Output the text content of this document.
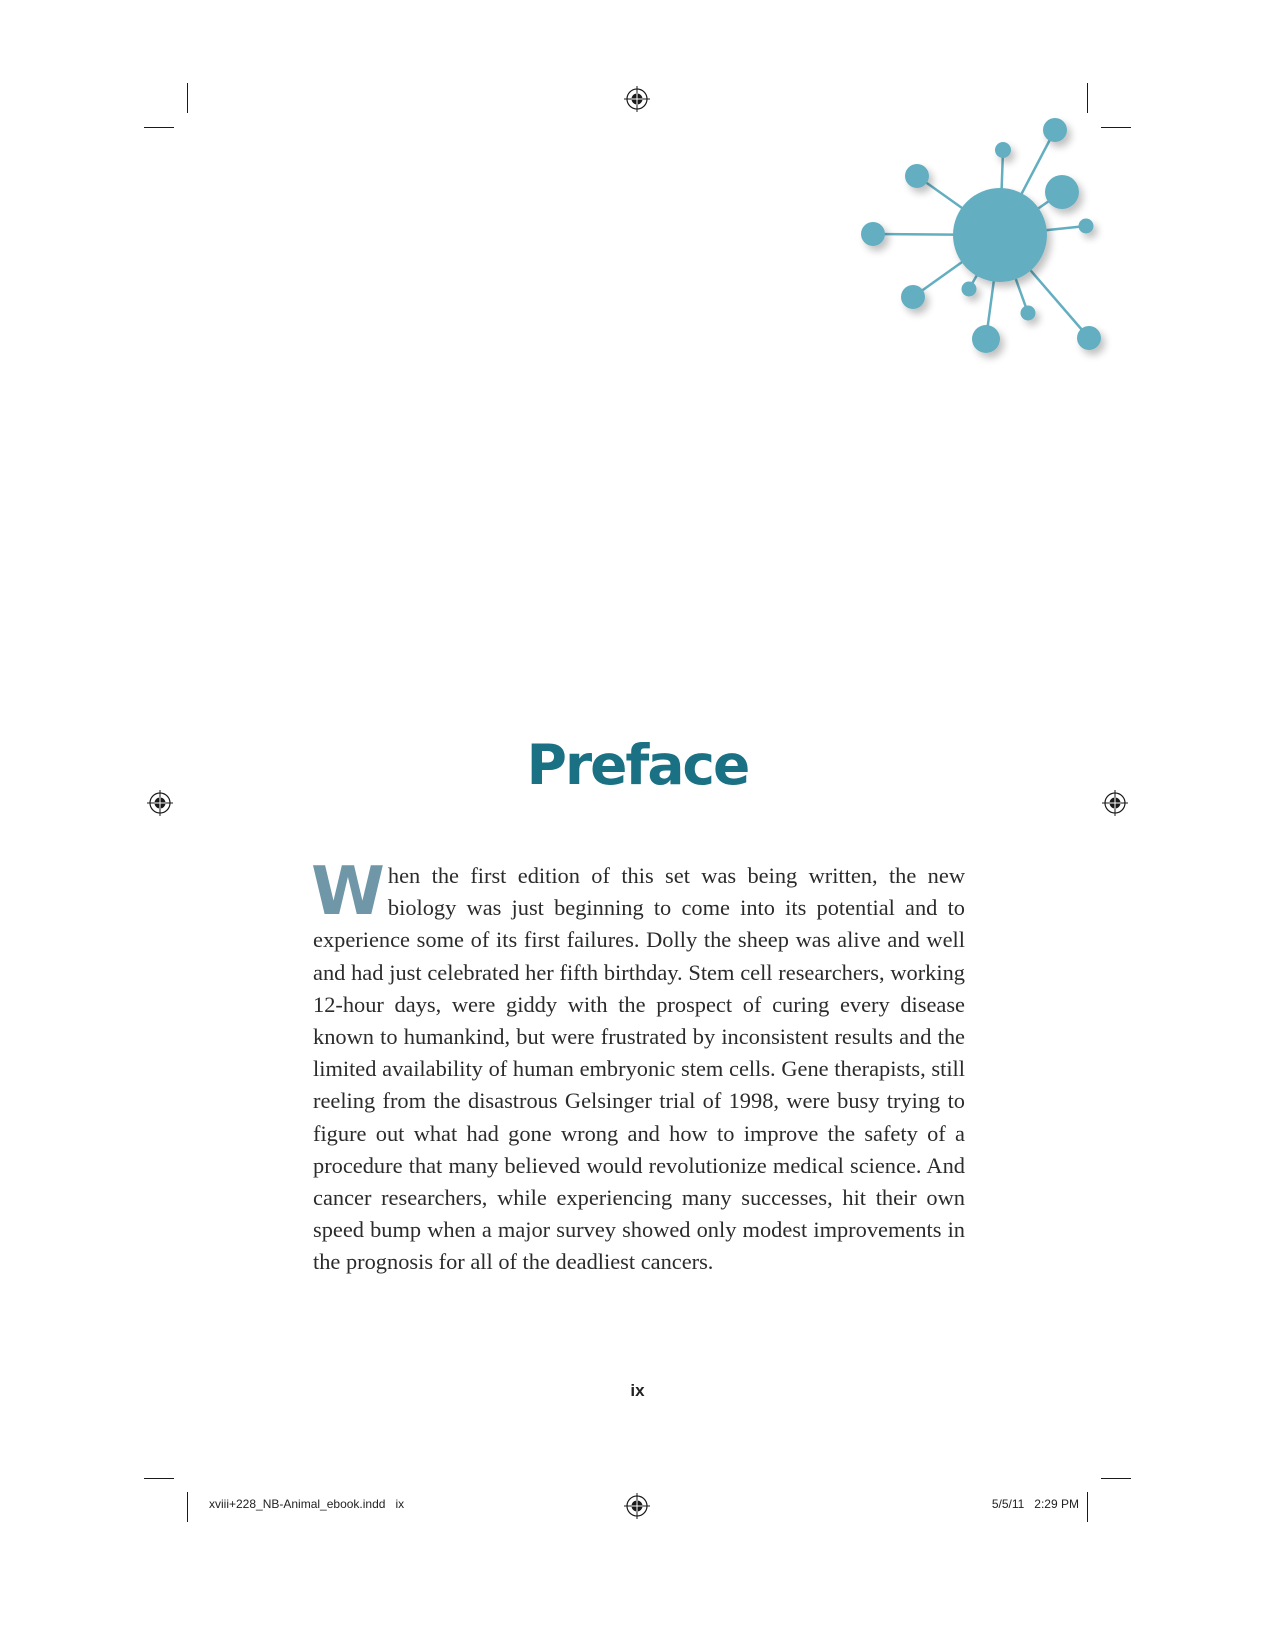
Preface

When the first edition of this set was being written, the new biology was just beginning to come into its potential and to experience some of its first failures. Dolly the sheep was alive and well and had just celebrated her fifth birthday. Stem cell researchers, working 12-hour days, were giddy with the prospect of curing every disease known to humankind, but were frustrated by inconsistent results and the limited availability of human embryonic stem cells. Gene therapists, still reeling from the disastrous Gelsinger trial of 1998, were busy trying to figure out what had gone wrong and how to improve the safety of a procedure that many believed would revolutionize medical science. And cancer researchers, while experiencing many successes, hit their own speed bump when a major survey showed only modest improvements in the prognosis for all of the deadliest cancers.

ix
xviii+228_NB-Animal_ebook.indd   ix	5/5/11   2:29 PM
